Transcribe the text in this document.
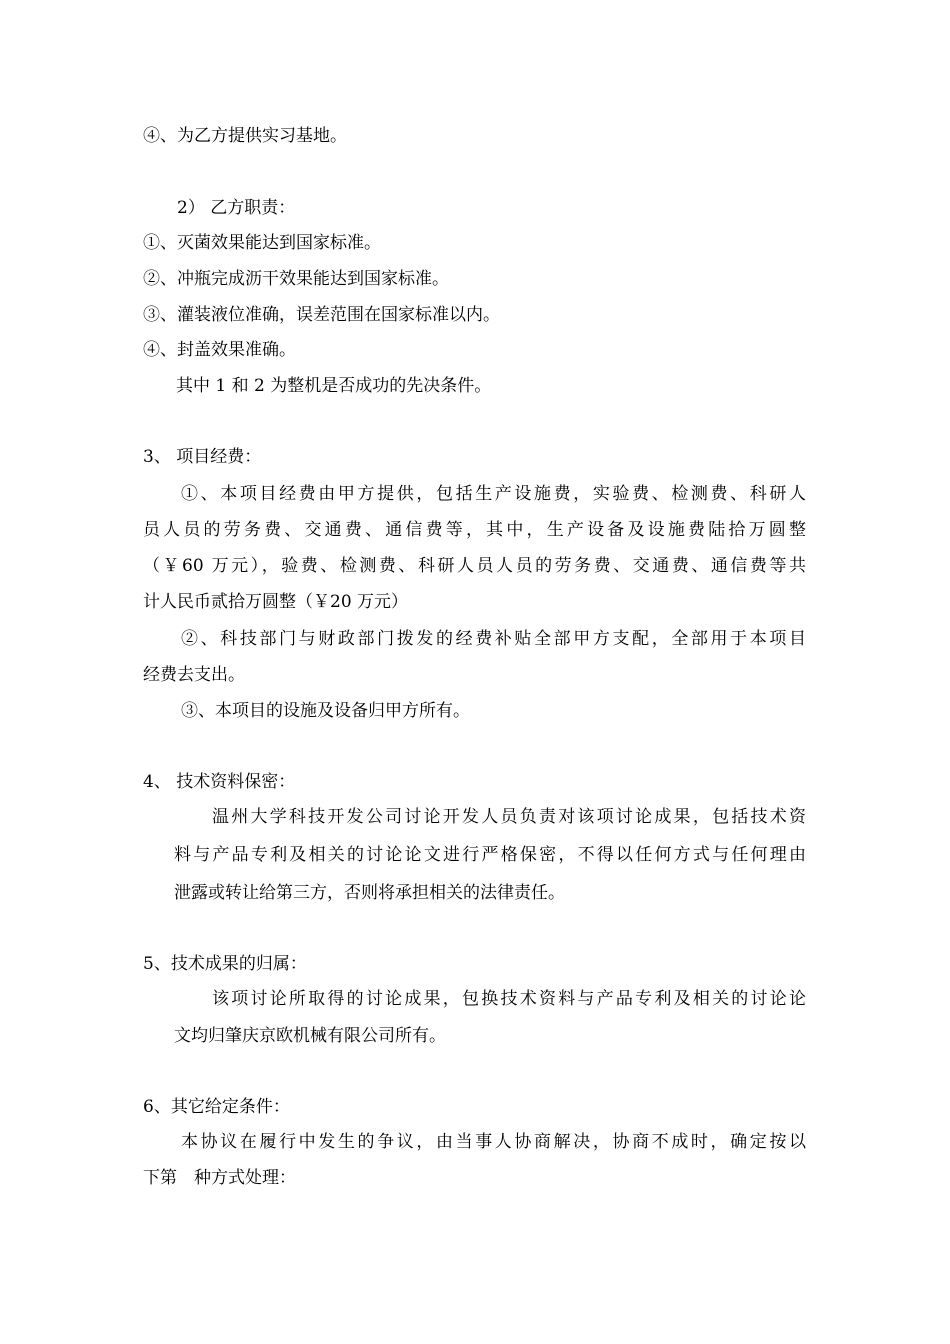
④、为乙方提供实习基地。
2） 乙方职责：
①、灭菌效果能达到国家标准。
②、冲瓶完成沥干效果能达到国家标准。
③、灌装液位准确，误差范围在国家标准以内。
④、封盖效果准确。
其中 1 和 2 为整机是否成功的先决条件。
3、 项目经费：
①、本项目经费由甲方提供，包括生产设施费，实验费、检测费、科研人
员人员的劳务费、交通费、通信费等，其中，生产设备及设施费陆拾万圆整
（￥60 万元），验费、检测费、科研人员人员的劳务费、交通费、通信费等共
计人民币贰拾万圆整（￥20 万元）
②、科技部门与财政部门拨发的经费补贴全部甲方支配，全部用于本项目
经费去支出。
③、本项目的设施及设备归甲方所有。
4、 技术资料保密：
温州大学科技开发公司讨论开发人员负责对该项讨论成果，包括技术资
料与产品专利及相关的讨论论文进行严格保密，不得以任何方式与任何理由
泄露或转让给第三方，否则将承担相关的法律责任。
5、技术成果的归属：
该项讨论所取得的讨论成果，包换技术资料与产品专利及相关的讨论论
文均归肇庆京欧机械有限公司所有。
6、其它给定条件：
本协议在履行中发生的争议，由当事人协商解决，协商不成时，确定按以
下第　种方式处理：
